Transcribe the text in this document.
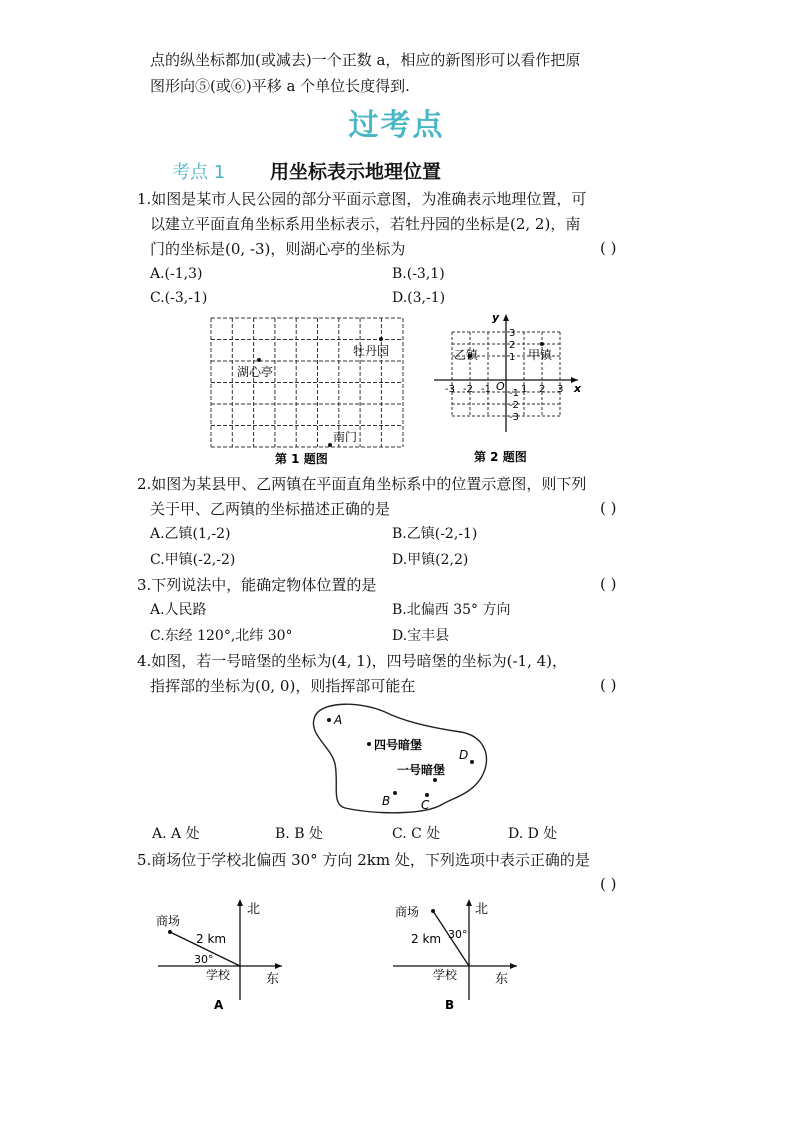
点的纵坐标都加(或减去)一个正数 a，相应的新图形可以看作把原
图形向⑤(或⑥)平移 a 个单位长度得到.
过考点
考点 1 用坐标表示地理位置
1.如图是某市人民公园的部分平面示意图，为准确表示地理位置，可
以建立平面直角坐标系用坐标表示，若牡丹园的坐标是(2, 2)，南
门的坐标是(0, -3)，则湖心亭的坐标为	( )
A.(-1,3)	B.(-3,1)
C.(-3,-1)	D.(3,-1)
牡丹园
湖心亭
南门
第 1 题图
y
x
O
-3 -2 -1	1 2 3
3
2
1
-1
-2
-3
乙镇	甲镇
第 2 题图
2.如图为某县甲、乙两镇在平面直角坐标系中的位置示意图，则下列
关于甲、乙两镇的坐标描述正确的是	( )
A.乙镇(1,-2)	B.乙镇(-2,-1)
C.甲镇(-2,-2)	D.甲镇(2,2)
3.下列说法中，能确定物体位置的是	( )
A.人民路	B.北偏西 35° 方向
C.东经 120°,北纬 30°	D.宝丰县
4.如图，若一号暗堡的坐标为(4, 1)，四号暗堡的坐标为(-1, 4)，
指挥部的坐标为(0, 0)，则指挥部可能在	( )
A
四号暗堡
D
一号暗堡
B	C
A. A 处	B. B 处	C. C 处	D. D 处
5.商场位于学校北偏西 30° 方向 2km 处，下列选项中表示正确的是
( )
商场
北
东
学校
2 km
30°
A
商场	北
东
学校
2 km 30°
B
